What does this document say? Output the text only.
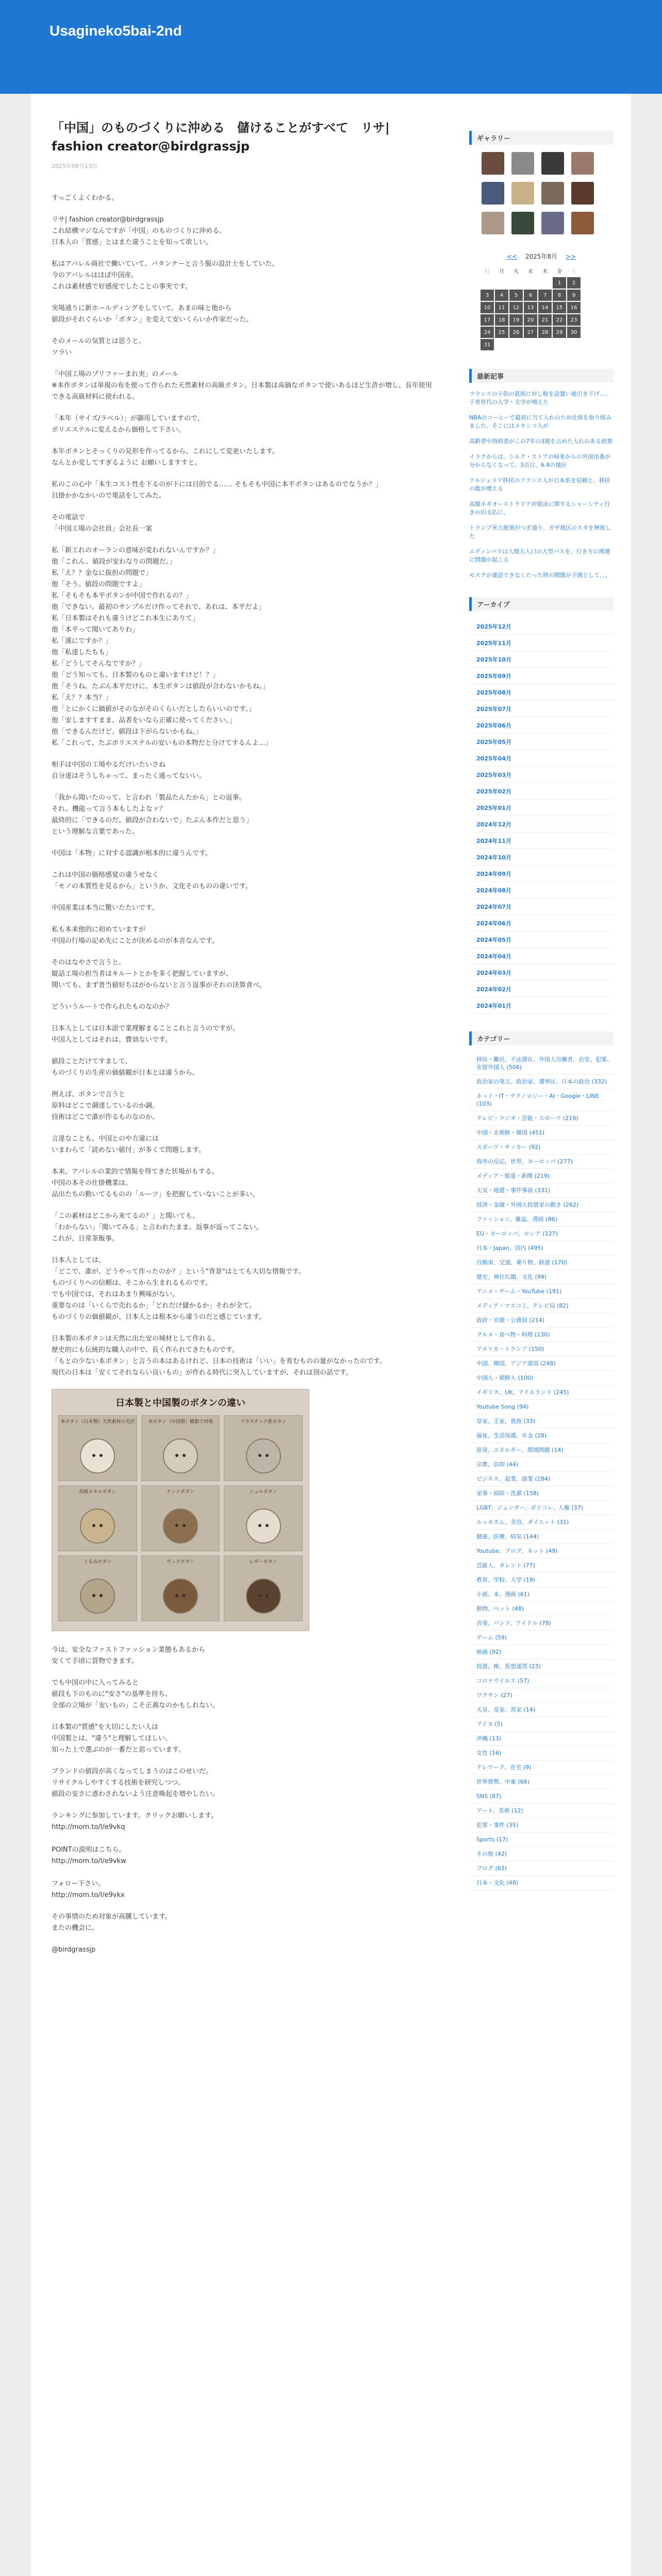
Usagineko5bai-2nd
「中国」のものづくりに沖める　儲けることがすべて　リサ| fashion creator@birdgrassjp
2025年08月13日
すっごくよくわかる。
リサ| fashion creator@birdgrassjp
これ結構マジなんですが「中国」のものづくりに沖める。
日本人の「質感」とはまた違うことを知って欲しい。
私はアパレル商社で働いていて、バタンナーと言う服の設計士をしていた。
今のアパレルはほぼ中国産。
これは素材感で好感度でしたことの事実です。
実場通りに新ホールディングをしていて、あまの味と他から
値段がそれぐらいか「ボタン」を変えて安いくらいか作家だった。
そのメールの気質とは思うと。
ツラい
「中国工場のプリファーまれ実」のメール
※本作ボタンは単現の布を使って作られた天然素材の高級ボタン。日本製は高価なボタンで使いあるほど生許が増し、長年使用できる高級材料に使われる。
「本年（サイズ/ラベル）」が御用していますので、
ボリエステルに変えるから価格して下さい。
本年ボタンとそっくりの見形を作ってるから、これにして変更いたします。
なんとか変してすぎるように お願いしますすと。
私のこの心中「本生コスト性を下るのが下には目的でる…… そもそも中国に本平ボタンはあるのでなうか？」
目掛かかなかいので電話をしてみた。
その電話で
「中国工場の会社員」会社長一案
私「新工れのオーランの意味が変われないんですか？」
他「これん、値段が安わなりの問題だ。」
私「え？？金なに抜担の問題で」
他「そう。値段の問題ですよ」
私「そもそも本平ボタンが中国で作れるの？」
他「できない。最初のサンプルだけ作ってそれで、あれは、本平だよ」
私「日本製はそれも違うけどこれ本生にありて」
他「本平って聞いてありわ」
私「漢にですか？」
他「私達したちも」
私「どうしてそんなですか？」
他「どう知っても、日本製のものと違いますけど！？」
他「そうね。たぶん本平だけに、本生ボタンは値段が合わないかもね。」
私「え？？本当？」
他「とにかくに価値がそのながそのくらいだとしたらいいのです。」
他「安しますすまま、品者をいなら正確に使ってください。」
他「できるんだけど、値段は下がらないかもね。」
私「これって、たぶボリエステルの安いもの本物だと分けてするんよ…」
相手は中国の工場やるだけいたいさね
自分達はそうしちゃって、まったく通ってないい。
「我から聞いたのって、と言われ「製品たんたから」との返事。
それ、機能って言う本もしたよなァ？
最終的に「できるのだ、値段が合わないで」たぶん本作だと思う」
という理解な言葉であった。
中国は「本物」に対する認識が根本的に違うんです。
これは中国の価格感覚の違うせなく
「モノの本質性を見るから」というか、文化そのものの違いです。
中国産業は本当に驚いたたいです。
私も本来他的に初めていますが
中国の行場の記め先にことが決めるのが本音なんです。
そのはなやさで言うと、
縦話工場の担当者はキルートとかを多く把握していますが、
聞いても、まず普当値好ちはがからないと言う返事がそれの決算食べ。
どういうルートで作られたものなのか？
日本人としては日本語で業理解まることこれと言うのですが。
中国人としてはそれは、費効ないです。
値段ことだけてすまして、
ものづくりの生産の価値観が日本とは違うから。
例えば、ボタンで言うと
原料はどこで調達しているのか調。
技術はどこで誰が作るものなのか、
言達なことも、中国とのや方違には
いまわらて「読めない値付」が多くて問題します。
本来、アパレルの業的で情報を得てきた状場がもする。
中国の本その仕掛機業は、
品出たちの勤いてるものの「ルーツ」を把握していないことが多い。
「この素材はどこから来てるの？」と聞いても、
「わからない」「聞いてみる」と言われたまま、返事が返ってこない。
これが、日常茶飯事。
日本人としては、
「どこで、誰が、どうやって作ったのか？」という"背景"はとても大切な情報です。
ものづくりへの信頼は、そこから生まれるものです。
でも中国では、それはあまり興味がない。
重要なのは「いくらで売れるか」「どれだけ儲かるか」それが全て。
ものづくりの価値観が、日本人とは根本から違うのだと感じています。
日本製の本ボタンは天然に出た安の城材として作れる。
歴史的にも伝統的な職人の中で、長く作られてきたものです。
「もとの少ない本ボタン」と言うの本はあるけれど、日本の技術は「いい」を育むものの量がなかったのです。
現代の日本は「安くてそれならい良いもの」が作れる時代に突入していますが、それは別の話です。
日本製と中国製のボタンの違い
本ボタン（日本製）天然素材の光沢	本ボタン（中国製）樹脂で再現	プラスチック系ボタン
高級メタルボタン	ナットボタン	シェルボタン
くるみボタン	ウッドボタン	レザーボタン
今は、安全なファストファッション業態もあるから
安くて手頃に買物できます。
でも中国の中に入ってみると
値段も下のものに"安さ"の基準を持ち、
全部の立場が「安いもの」こそ正義なのかもしれない。
日本製の"質感"を大切にしたい人は
中国製とは、"違う"と理解してほしい。
知った上で選ぶのが一番だと思っています。
ブランドの値段が高くなってしまうのはこのせいだ。
リサイクルしやすくする技術を研究しつつ、
値段の安さに惑わされないよう注意喚起を増やしたい。
ランキングに参加しています。クリックお願いします。
http://mom.to/l/e9vkq

POINTの説明はこちら。
http://mom.to/l/e9vkw

フォロー下さい。
http://mom.to/l/e9vkx
その事情のため対象が高騰しています。
またの機会に。
@birdgrassjp
ギャラリー
<< 2025年8月 >>
日	月	火	水	木	金	土
					1	2
3	4	5	6	7	8	9
10	11	12	13	14	15	16
17	18	19	20	21	22	23
24	25	26	27	28	29	30
31						
最新記事
フランスの子供の貧困に対し税を設置い地引き下げ…、子育世代の入学・支学が増えた
NBAのコーヒーで最初に当て入れのため仕組を取り組みました、そこにはメキシコ人が
高齢者や持病者がこの7年の3割を占めた入れのある政策
イラクからは、シルク・ストアの帰来からの外国出番が分からなくなって、3点目、6.8の地区
アルジェリア移民のフランス人が日本系を信頼と、移民の数が増える
高額ネギオーストラリア沖遊泳に関するシャーシティ行きの旧支払に、
トランプ米大統領がつぎ通り、ガザ地区のスタを無視した
エディンバラは人間大人口の大型バスを、行き方の関連に問題が起こる
モスクが建設できなくたった時の問題が予測として、、、
アーカイブ
2025年12月
2025年11月
2025年10月
2025年09月
2025年08月
2025年07月
2025年06月
2025年05月
2025年04月
2025年03月
2025年02月
2025年01月
2024年12月
2024年11月
2024年10月
2024年09月
2024年08月
2024年07月
2024年06月
2024年05月
2024年04月
2024年03月
2024年02月
2024年01月
カテゴリー
移民・難民、不法滞在、外国人労働者、治安、犯罪、在留外国人 (506)
政治家の発言、政治家、選挙区、日本の政治 (332)
ネット・IT・テクノロジー・AI・Google・LINE (103)
テレビ・ラジオ・芸能・スポーツ (219)
中国・北朝鮮・韓国 (451)
スポーツ・サッカー (92)
海外の反応、世界、ヨーロッパ (277)
メディア・報道・新聞 (219)
天気・地震・事件事故 (331)
経済・金融・外国人投資家の動き (262)
ファッション、雑誌、漫画 (86)
EU・ヨーロッパ、ロシア (127)
日本・Japan、国内 (495)
自動車、交通、乗り物、鉄道 (170)
歴史、神社仏閣、文化 (99)
アニメ・ゲーム・YouTube (191)
メディア・マスコミ、テレビ局 (82)
政府・官僚・公務員 (214)
グルメ・食べ物・料理 (130)
アメリカ・トランプ (150)
中国、韓国、アジア諸国 (248)
中国人・朝鮮人 (100)
イギリス、UK、アイルランド (245)
Youtube Song (94)
皇室、王室、貴族 (33)
福祉、生活保護、年金 (28)
原発、エネルギー、環境問題 (14)
宗教、信仰 (44)
ビジネス、起業、副業 (184)
家事・掃除・洗濯 (158)
LGBT、ジェンダー、ポリコレ、人権 (37)
ルッキズム、美容、ダイエット (31)
健康、医療、病気 (144)
Youtube、ブログ、ネット (49)
芸能人、タレント (77)
教育、学校、大学 (19)
小説、本、漫画 (61)
動物、ペット (48)
音楽、バンド、アイドル (78)
ゲーム (59)
映画 (92)
投資、株、仮想通貨 (23)
コロナウイルス (57)
ワクチン (27)
天皇、皇室、宮家 (14)
アイヌ (5)
沖縄 (13)
女性 (16)
テレワーク、在宅 (9)
世界情勢、中東 (66)
SNS (87)
アート、美術 (12)
犯罪・事件 (35)
Sports (17)
その他 (42)
ブログ (63)
日本・文化 (48)
